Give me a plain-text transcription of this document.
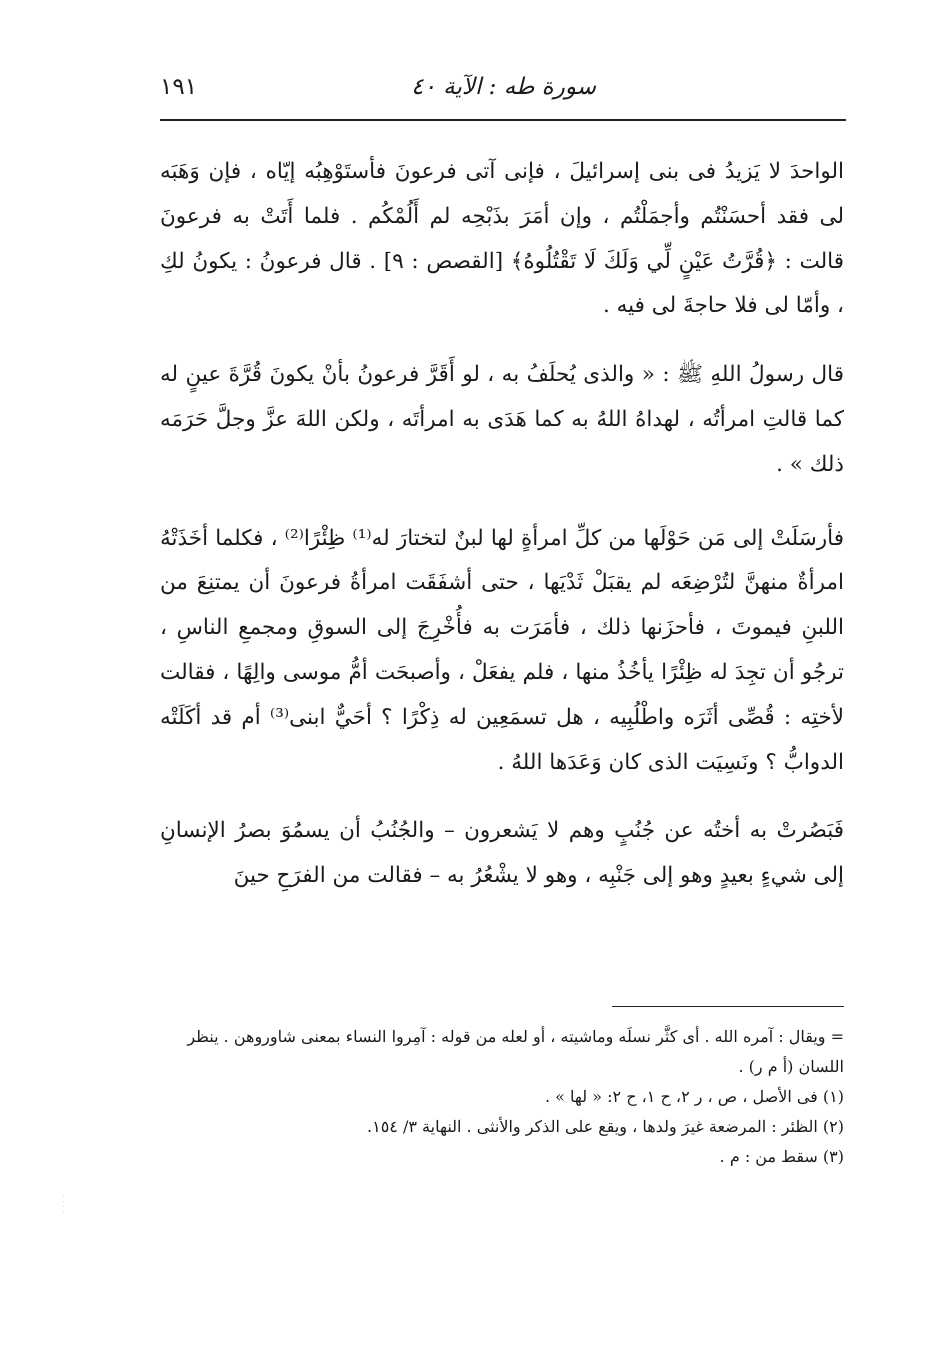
سورة طه : الآية ٤٠
١٩١

الواحدَ لا يَزيدُ فى بنى إسرائيلَ ، فإنى آتى فرعونَ فأستَوْهِبُه إيّاه ، فإن وَهَبَه لى فقد أحسَنْتُم وأجمَلْتُم ، وإن أمَرَ بذَبْحِه لم أَلُمْكُم . فلما أَتَتْ به فرعونَ قالت : ﴿قُرَّتُ عَيْنٍ لِّي وَلَكَ لَا تَقْتُلُوهُ﴾ [القصص : ٩] . قال فرعونُ : يكونُ لكِ ، وأمّا لى فلا حاجةَ لى فيه .

قال رسولُ اللهِ ﷺ : « والذى يُحلَفُ به ، لو أَقَرَّ فرعونُ بأنْ يكونَ قُرَّةَ عينٍ له كما قالتِ امرأتُه ، لهداهُ اللهُ به كما هَدَى به امرأتَه ، ولكن اللهَ عزَّ وجلَّ حَرَمَه ذلك » .

فأرسَلَتْ إلى مَن حَوْلَها من كلِّ امرأةٍ لها لبنٌ لتختارَ له⁽¹⁾ ظِئْرًا⁽²⁾ ، فكلما أخَذَتْهُ امرأةٌ منهنَّ لتُرْضِعَه لم يقبَلْ ثَدْيَها ، حتى أشفَقَت امرأةُ فرعونَ أن يمتنِعَ من اللبنِ فيموتَ ، فأحزَنها ذلك ، فأمَرَت به فأُخْرِجَ إلى السوقِ ومجمعِ الناسِ ، ترجُو أن تجِدَ له ظِئْرًا يأخُذُ منها ، فلم يفعَلْ ، وأصبحَت أمُّ موسى والِهًا ، فقالت لأختِه : قُصِّى أثَرَه واطْلُبِيه ، هل تسمَعِين له ذِكْرًا ؟ أحَيٌّ ابنى⁽³⁾ أم قد أكَلَتْه الدوابُّ ؟ ونَسِيَت الذى كان وَعَدَها اللهُ .

فَبَصُرتْ به أختُه عن جُنُبٍ وهم لا يَشعرون – والجُنُبُ أن يسمُوَ بصرُ الإنسانِ إلى شيءٍ بعيدٍ وهو إلى جَنْبِه ، وهو لا يشْعُرُ به – فقالت من الفرَحِ حينَ

= ويقال : آمره الله . أى كثَّر نسلَه وماشيته ، أو لعله من قوله : آمِروا النساء بمعنى شاوروهن . ينظر اللسان (أ م ر) .

(١) فى الأصل ، ص ، ر ٢، ح ١، ح ٢: « لها » .

(٢) الظئر : المرضعة غيرَ ولدها ، ويقع على الذكر والأنثى . النهاية ٣/ ١٥٤.

(٣) سقط من : م .
